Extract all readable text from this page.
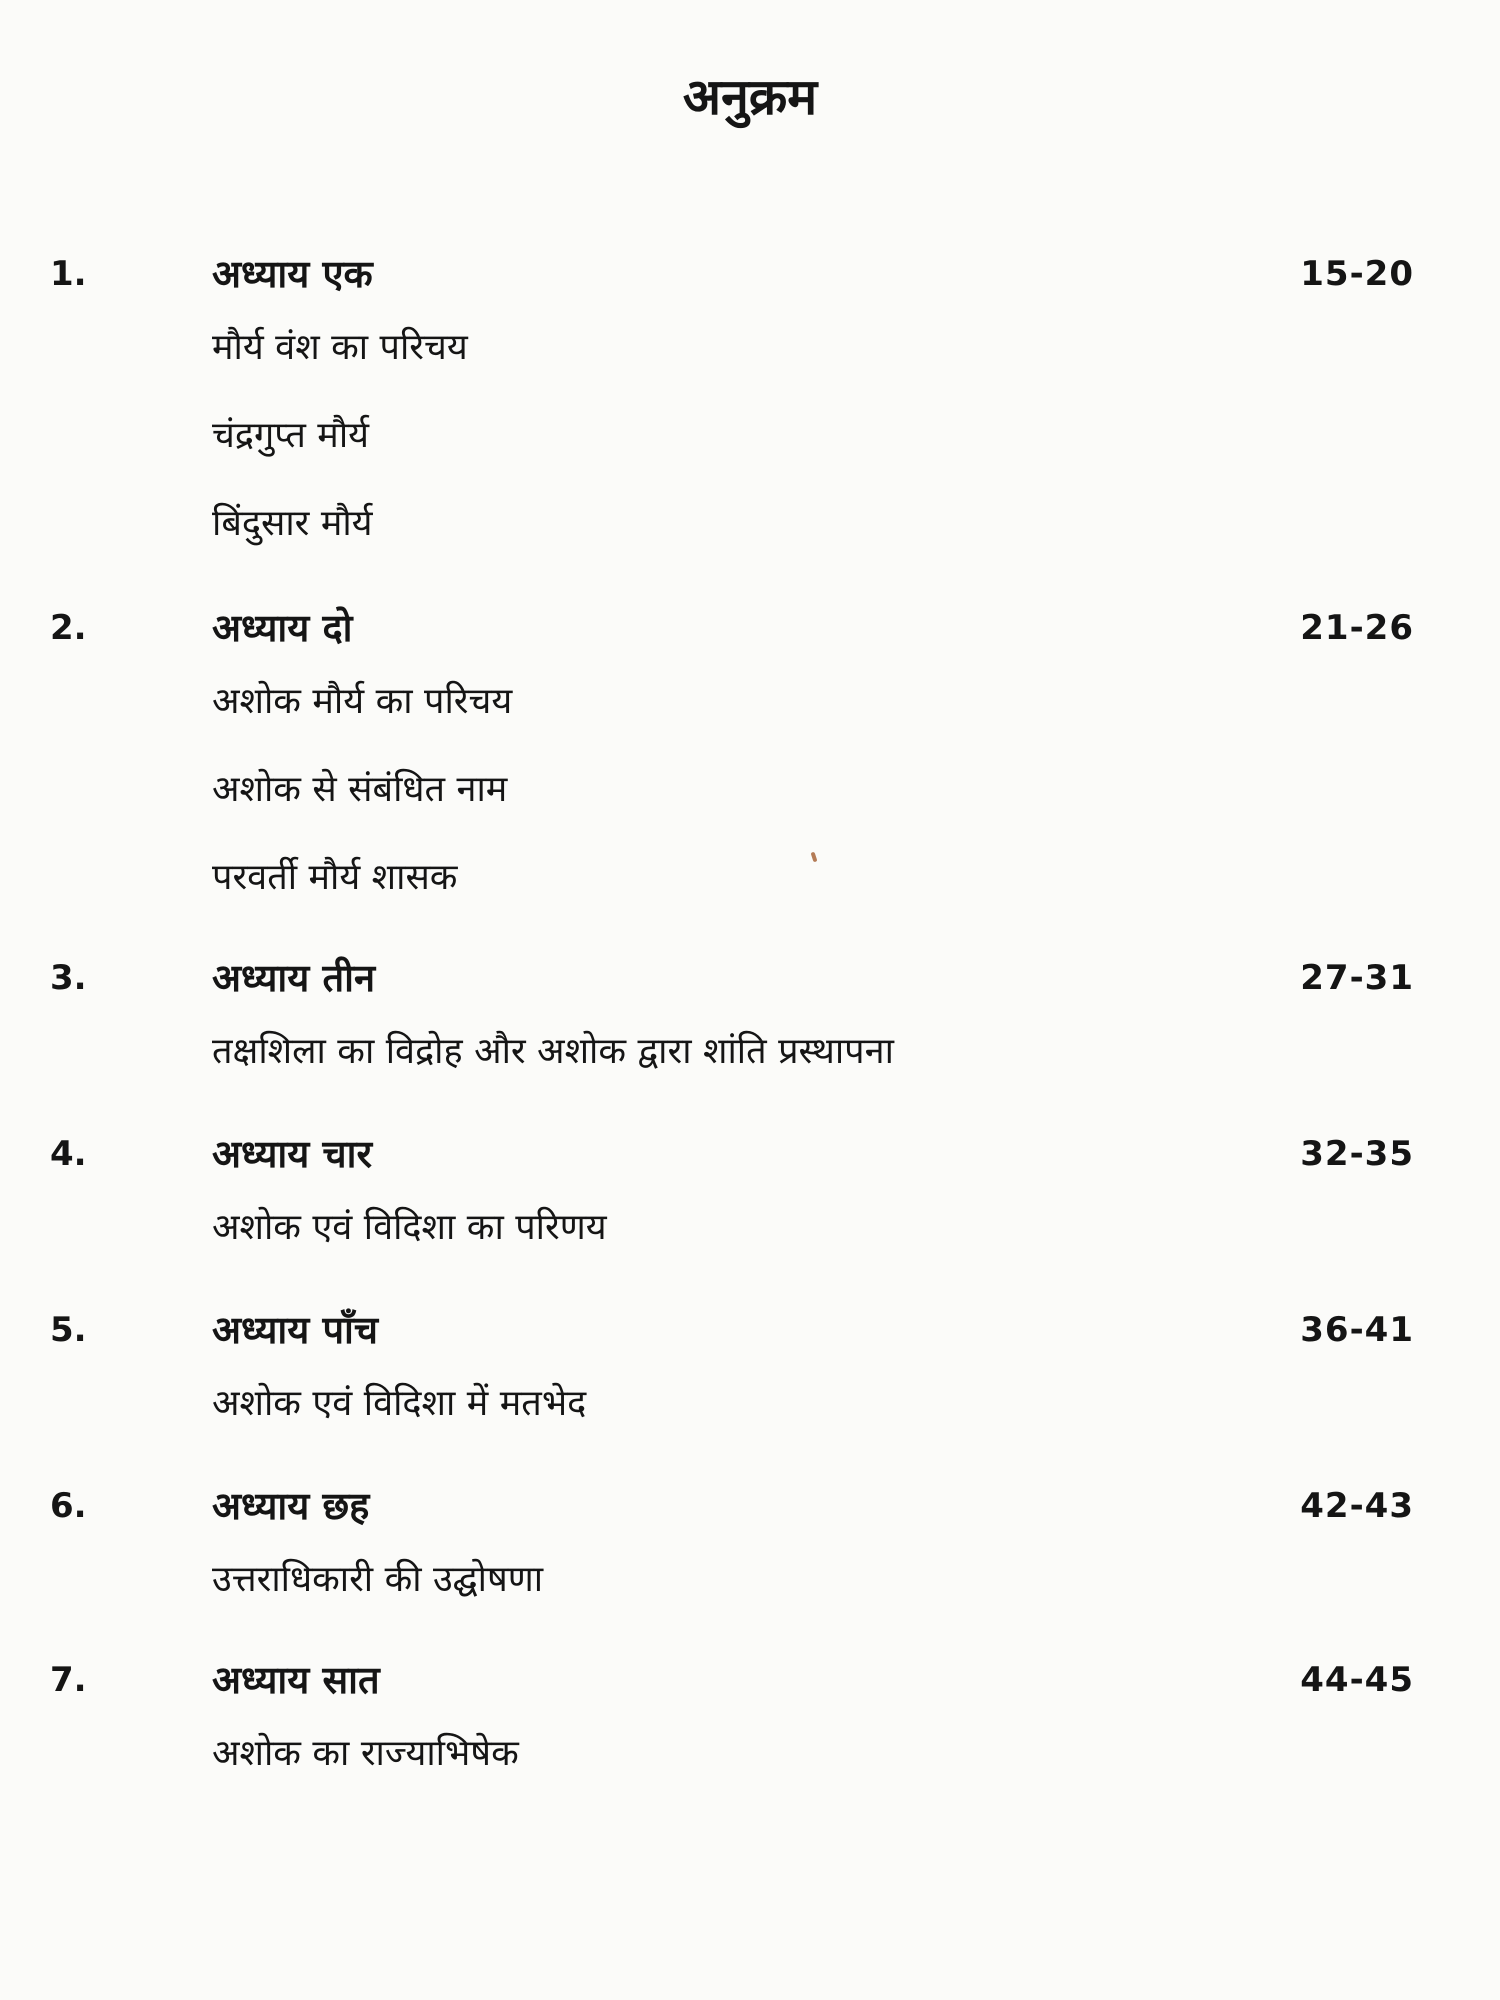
अनुक्रम
1.	अध्याय एक	15-20
मौर्य वंश का परिचय
चंद्रगुप्त मौर्य
बिंदुसार मौर्य
2.	अध्याय दो	21-26
अशोक मौर्य का परिचय
अशोक से संबंधित नाम
परवर्ती मौर्य शासक
3.	अध्याय तीन	27-31
तक्षशिला का विद्रोह और अशोक द्वारा शांति प्रस्थापना
4.	अध्याय चार	32-35
अशोक एवं विदिशा का परिणय
5.	अध्याय पाँच	36-41
अशोक एवं विदिशा में मतभेद
6.	अध्याय छह	42-43
उत्तराधिकारी की उद्घोषणा
7.	अध्याय सात	44-45
अशोक का राज्याभिषेक
